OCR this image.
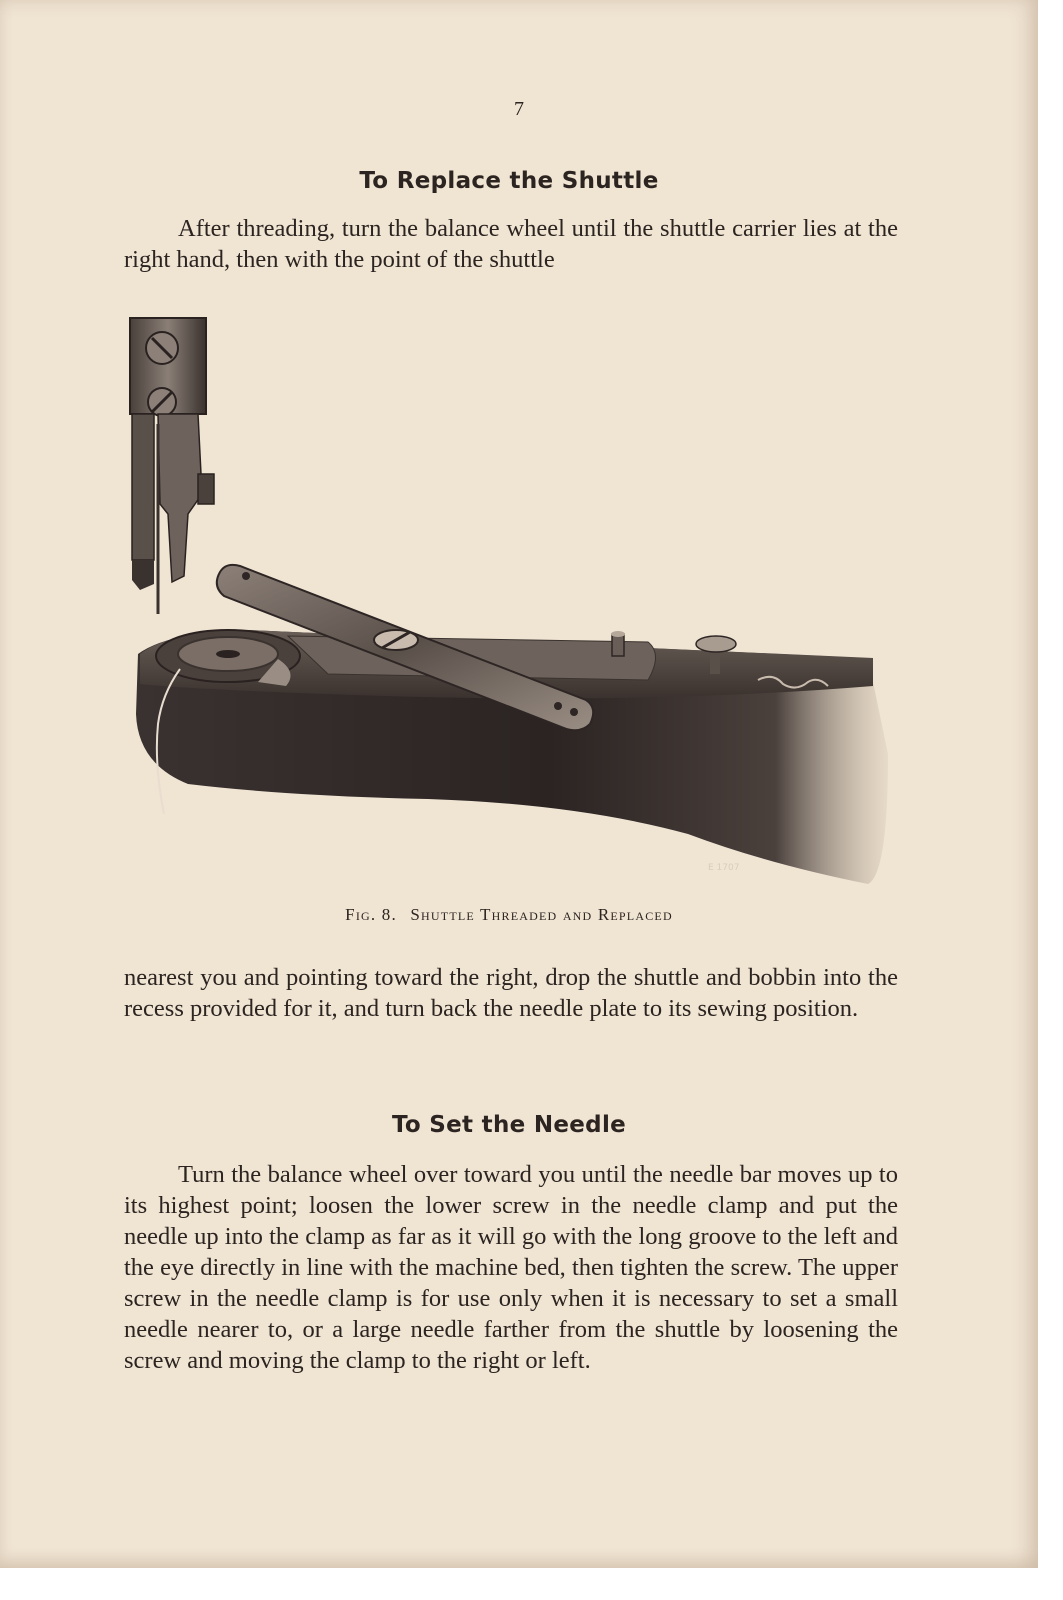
7
To Replace the Shuttle

After threading, turn the balance wheel until the shuttle carrier lies at the right hand, then with the point of the shuttle

E 1707
Fig. 8. Shuttle Threaded and Replaced

nearest you and pointing toward the right, drop the shuttle and bobbin into the recess provided for it, and turn back the needle plate to its sewing position.

To Set the Needle

Turn the balance wheel over toward you until the needle bar moves up to its highest point; loosen the lower screw in the needle clamp and put the needle up into the clamp as far as it will go with the long groove to the left and the eye directly in line with the machine bed, then tighten the screw. The upper screw in the needle clamp is for use only when it is necessary to set a small needle nearer to, or a large needle farther from the shuttle by loosening the screw and moving the clamp to the right or left.
